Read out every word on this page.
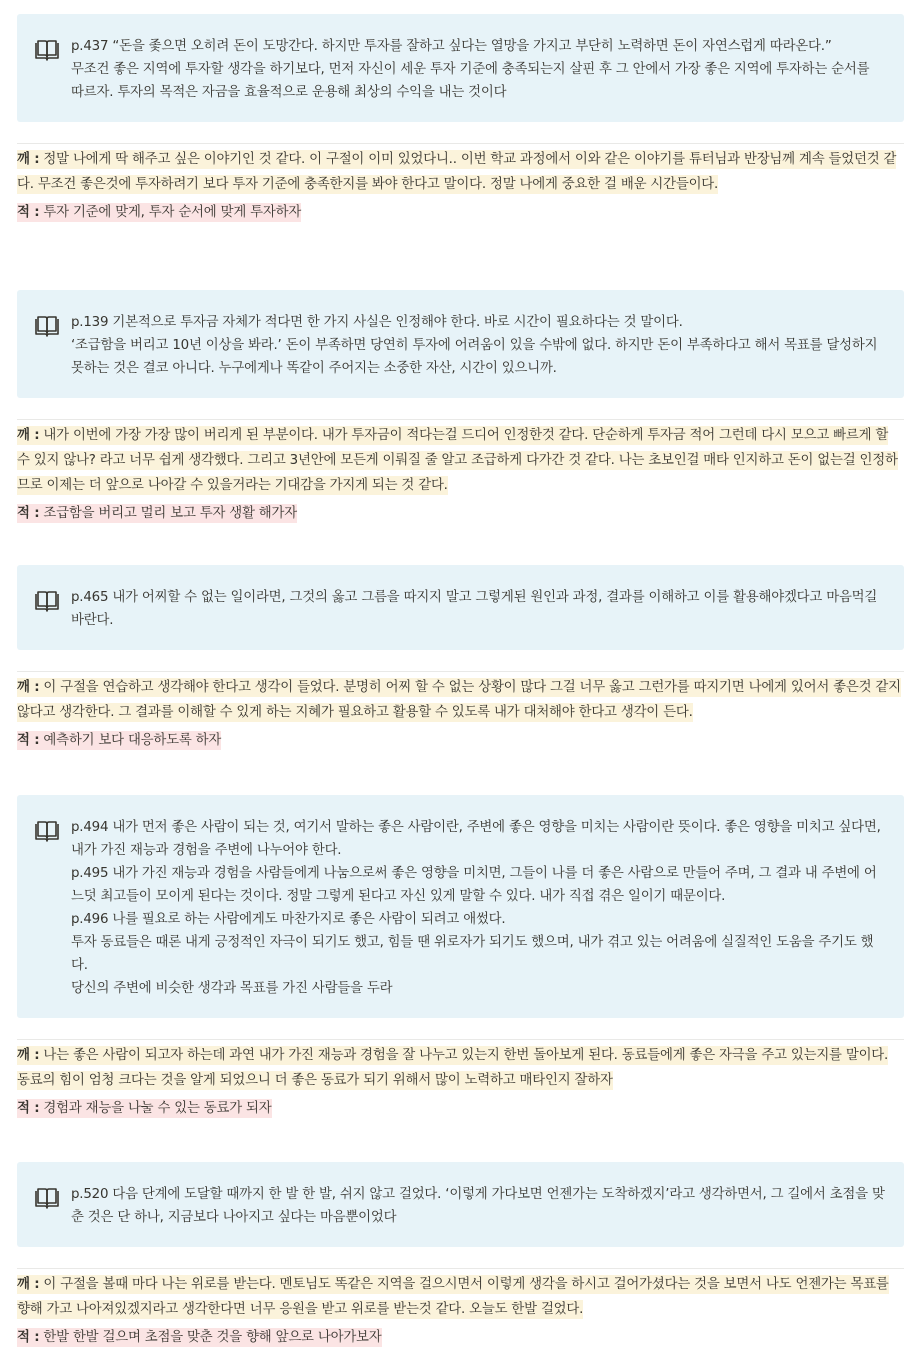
p.437 “돈을 좇으면 오히려 돈이 도망간다. 하지만 투자를 잘하고 싶다는 열망을 가지고 부단히 노력하면 돈이 자연스럽게 따라온다.”
무조건 좋은 지역에 투자할 생각을 하기보다, 먼저 자신이 세운 투자 기준에 충족되는지 살핀 후 그 안에서 가장 좋은 지역에 투자하는 순서를 따르자. 투자의 목적은 자금을 효율적으로 운용해 최상의 수익을 내는 것이다
깨 : 정말 나에게 딱 해주고 싶은 이야기인 것 같다. 이 구절이 이미 있었다니.. 이번 학교 과정에서 이와 같은 이야기를 튜터님과 반장님께 계속 들었던것 같다. 무조건 좋은것에 투자하려기 보다 투자 기준에 충족한지를 봐야 한다고 말이다. 정말 나에게 중요한 걸 배운 시간들이다.
적 : 투자 기준에 맞게, 투자 순서에 맞게 투자하자
p.139 기본적으로 투자금 자체가 적다면 한 가지 사실은 인정해야 한다. 바로 시간이 필요하다는 것 말이다.
‘조급함을 버리고 10년 이상을 봐라.’ 돈이 부족하면 당연히 투자에 어려움이 있을 수밖에 없다. 하지만 돈이 부족하다고 해서 목표를 달성하지 못하는 것은 결코 아니다. 누구에게나 똑같이 주어지는 소중한 자산, 시간이 있으니까.
깨 : 내가 이번에 가장 가장 많이 버리게 된 부분이다. 내가 투자금이 적다는걸 드디어 인정한것 같다. 단순하게 투자금 적어 그런데 다시 모으고 빠르게 할 수 있지 않나? 라고 너무 쉽게 생각했다. 그리고 3년안에 모든게 이뤄질 줄 알고 조급하게 다가간 것 같다. 나는 초보인걸 매타 인지하고 돈이 없는걸 인정하므로 이제는 더 앞으로 나아갈 수 있을거라는 기대감을 가지게 되는 것 같다.
적 : 조급함을 버리고 멀리 보고 투자 생활 해가자
p.465 내가 어찌할 수 없는 일이라면, 그것의 옳고 그름을 따지지 말고 그렇게된 원인과 과정, 결과를 이해하고 이를 활용해야겠다고 마음먹길 바란다.
깨 : 이 구절을 연습하고 생각해야 한다고 생각이 들었다. 분명히 어찌 할 수 없는 상황이 많다 그걸 너무 옳고 그런가를 따지기면 나에게 있어서 좋은것 같지 않다고 생각한다. 그 결과를 이해할 수 있게 하는 지혜가 필요하고 활용할 수 있도록 내가 대처해야 한다고 생각이 든다.
적 : 예측하기 보다 대응하도록 하자
p.494 내가 먼저 좋은 사람이 되는 것, 여기서 말하는 좋은 사람이란, 주변에 좋은 영향을 미치는 사람이란 뜻이다. 좋은 영향을 미치고 싶다면, 내가 가진 재능과 경험을 주변에 나누어야 한다.
p.495 내가 가진 재능과 경험을 사람들에게 나눔으로써 좋은 영향을 미치면, 그들이 나를 더 좋은 사람으로 만들어 주며, 그 결과 내 주변에 어느덧 최고들이 모이게 된다는 것이다. 정말 그렇게 된다고 자신 있게 말할 수 있다. 내가 직접 겪은 일이기 때문이다.
p.496 나를 필요로 하는 사람에게도 마찬가지로 좋은 사람이 되려고 애썼다.
투자 동료들은 때론 내게 긍정적인 자극이 되기도 했고, 힘들 땐 위로자가 되기도 했으며, 내가 겪고 있는 어려움에 실질적인 도움을 주기도 했다.
당신의 주변에 비슷한 생각과 목표를 가진 사람들을 두라
깨 : 나는 좋은 사람이 되고자 하는데 과연 내가 가진 재능과 경험을 잘 나누고 있는지 한번 돌아보게 된다. 동료들에게 좋은 자극을 주고 있는지를 말이다. 동료의 힘이 엄청 크다는 것을 알게 되었으니 더 좋은 동료가 되기 위해서 많이 노력하고 매타인지 잘하자
적 : 경험과 재능을 나눌 수 있는 동료가 되자
p.520 다음 단계에 도달할 때까지 한 발 한 발, 쉬지 않고 걸었다. ‘이렇게 가다보면 언젠가는 도착하겠지’라고 생각하면서, 그 길에서 초점을 맞춘 것은 단 하나, 지금보다 나아지고 싶다는 마음뿐이었다
깨 : 이 구절을 볼때 마다 나는 위로를 받는다. 멘토님도 똑같은 지역을 걸으시면서 이렇게 생각을 하시고 걸어가셨다는 것을 보면서 나도 언젠가는 목표를 향해 가고 나아져있겠지라고 생각한다면 너무 응원을 받고 위로를 받는것 같다. 오늘도 한발 걸었다.
적 : 한발 한발 걸으며 초점을 맞춘 것을 향해 앞으로 나아가보자
